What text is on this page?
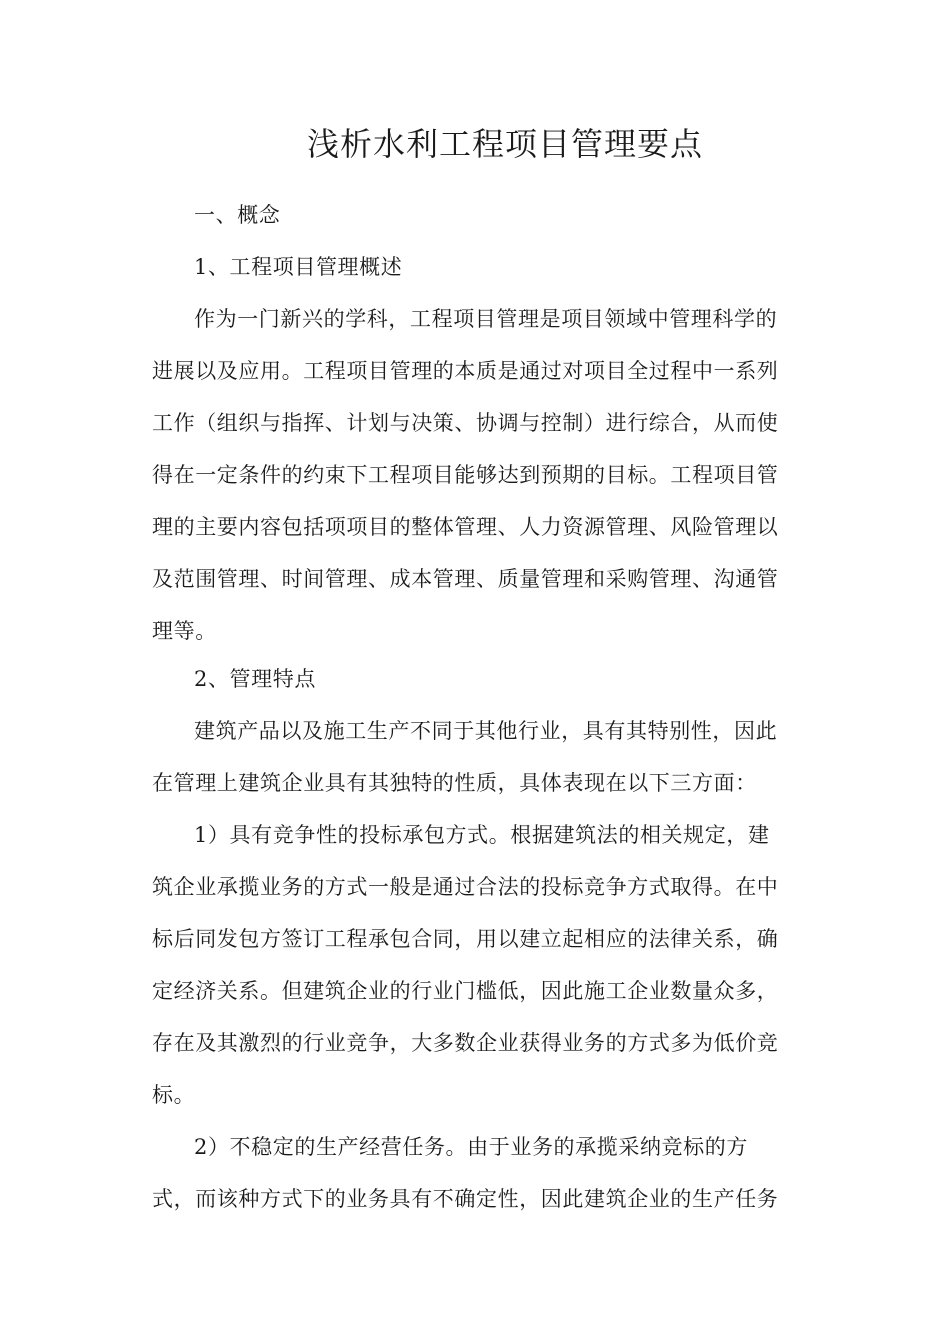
浅析水利工程项目管理要点
一、概念
1、工程项目管理概述
作为一门新兴的学科，工程项目管理是项目领域中管理科学的
进展以及应用。工程项目管理的本质是通过对项目全过程中一系列
工作（组织与指挥、计划与决策、协调与控制）进行综合，从而使
得在一定条件的约束下工程项目能够达到预期的目标。工程项目管
理的主要内容包括项项目的整体管理、人力资源管理、风险管理以
及范围管理、时间管理、成本管理、质量管理和采购管理、沟通管
理等。
2、管理特点
建筑产品以及施工生产不同于其他行业，具有其特别性，因此
在管理上建筑企业具有其独特的性质，具体表现在以下三方面：
1）具有竞争性的投标承包方式。根据建筑法的相关规定，建
筑企业承揽业务的方式一般是通过合法的投标竞争方式取得。在中
标后同发包方签订工程承包合同，用以建立起相应的法律关系，确
定经济关系。但建筑企业的行业门槛低，因此施工企业数量众多，
存在及其激烈的行业竞争，大多数企业获得业务的方式多为低价竞
标。
2）不稳定的生产经营任务。由于业务的承揽采纳竞标的方
式，而该种方式下的业务具有不确定性，因此建筑企业的生产任务
